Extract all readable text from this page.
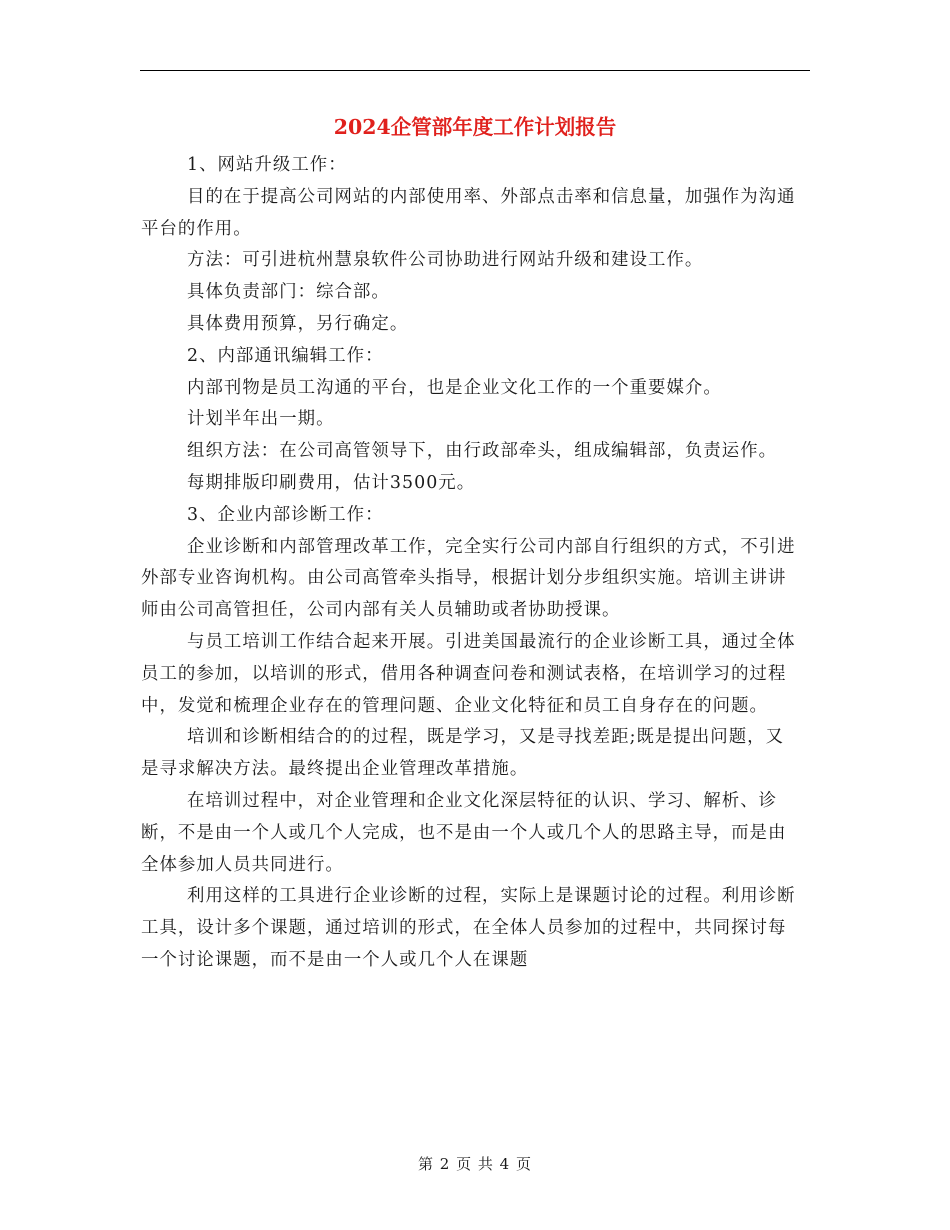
2024企管部年度工作计划报告

1、网站升级工作：

目的在于提高公司网站的内部使用率、外部点击率和信息量，加强作为沟通平台的作用。

方法：可引进杭州慧泉软件公司协助进行网站升级和建设工作。

具体负责部门：综合部。

具体费用预算，另行确定。

2、内部通讯编辑工作：

内部刊物是员工沟通的平台，也是企业文化工作的一个重要媒介。

计划半年出一期。

组织方法：在公司高管领导下，由行政部牵头，组成编辑部，负责运作。

每期排版印刷费用，估计3500元。

3、企业内部诊断工作：

企业诊断和内部管理改革工作，完全实行公司内部自行组织的方式，不引进外部专业咨询机构。由公司高管牵头指导，根据计划分步组织实施。培训主讲讲师由公司高管担任，公司内部有关人员辅助或者协助授课。

与员工培训工作结合起来开展。引进美国最流行的企业诊断工具，通过全体员工的参加，以培训的形式，借用各种调查问卷和测试表格，在培训学习的过程中，发觉和梳理企业存在的管理问题、企业文化特征和员工自身存在的问题。

培训和诊断相结合的的过程，既是学习，又是寻找差距;既是提出问题，又是寻求解决方法。最终提出企业管理改革措施。

在培训过程中，对企业管理和企业文化深层特征的认识、学习、解析、诊断，不是由一个人或几个人完成，也不是由一个人或几个人的思路主导，而是由全体参加人员共同进行。

利用这样的工具进行企业诊断的过程，实际上是课题讨论的过程。利用诊断工具，设计多个课题，通过培训的形式，在全体人员参加的过程中，共同探讨每一个讨论课题，而不是由一个人或几个人在课题

第 2 页 共 4 页
